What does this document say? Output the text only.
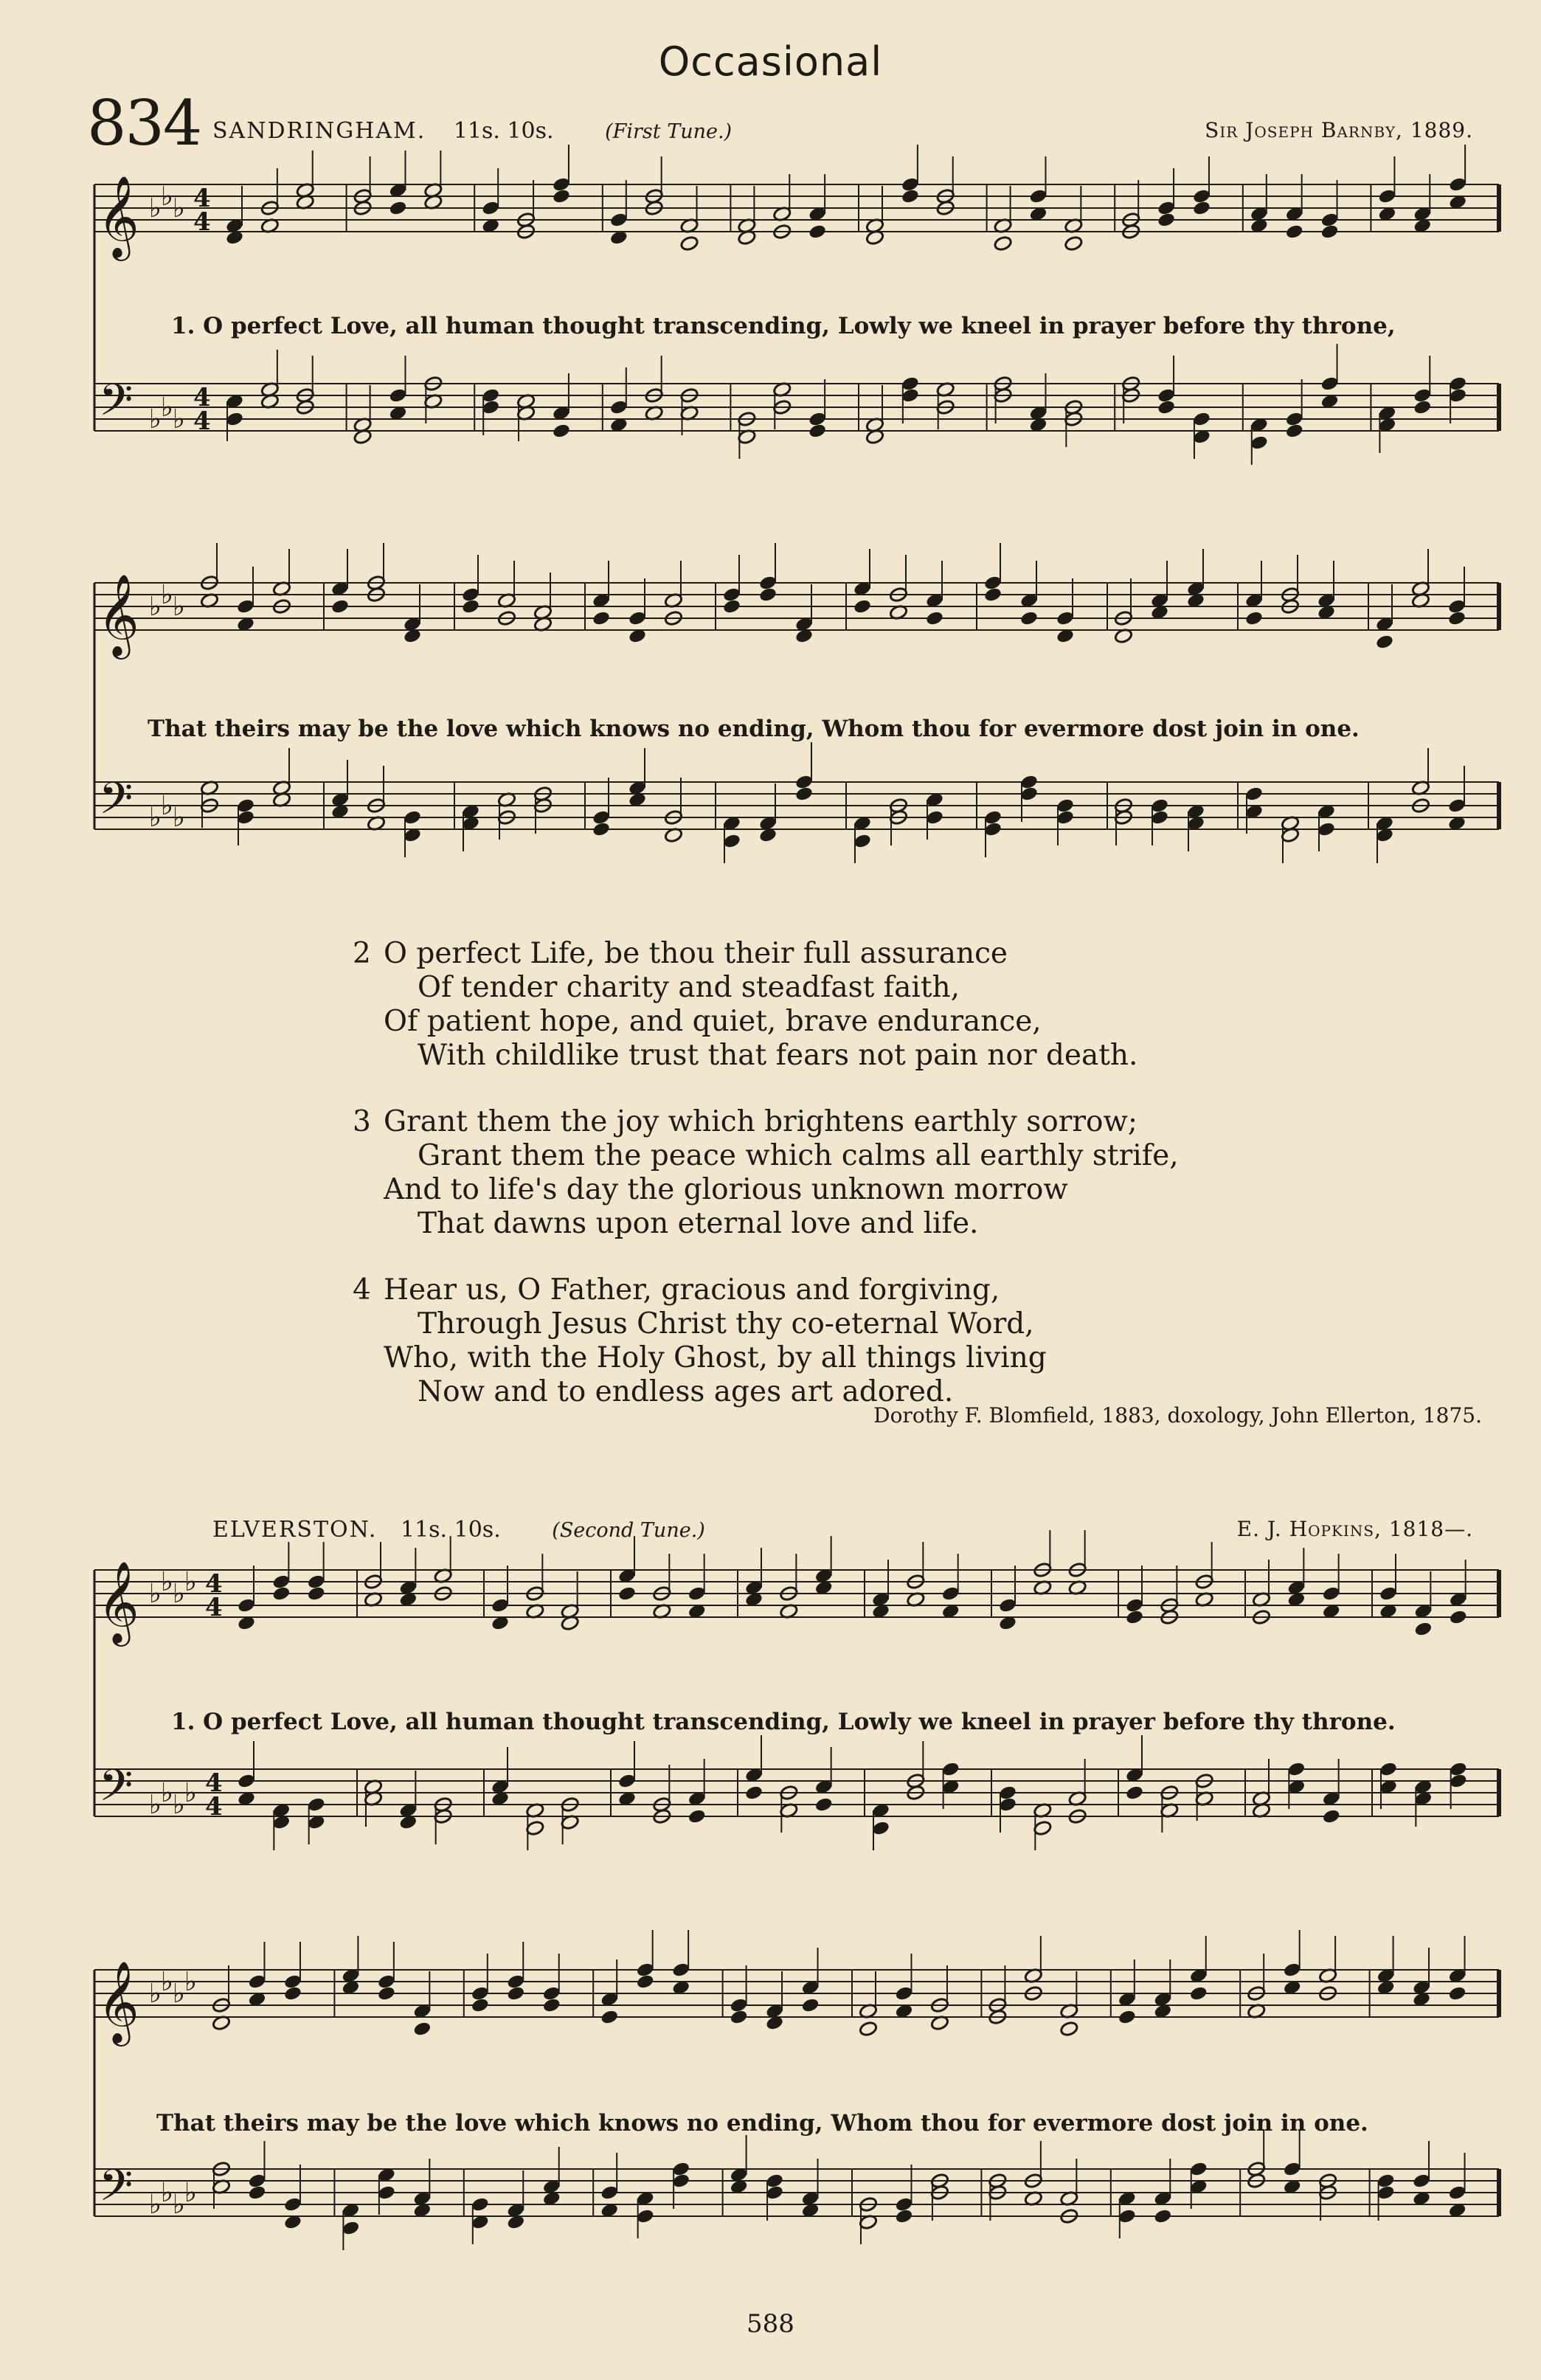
Occasional
834 SANDRINGHAM. 11s. 10s.	(First Tune.)	Sir Joseph Barnby, 1889.
𝄞
𝄢
♭
♭
♭
♭
♭
♭
4
4
4
4
1. O perfect Love, all human thought transcending, Lowly we kneel in prayer before thy throne,
𝄞
𝄢
♭
♭
♭
♭
♭
♭
That theirs may be the love which knows no ending, Whom thou for evermore dost join in one.
2 O perfect Life, be thou their full assurance
Of tender charity and steadfast faith,
Of patient hope, and quiet, brave endurance,
With childlike trust that fears not pain nor death.
3 Grant them the joy which brightens earthly sorrow;
Grant them the peace which calms all earthly strife,
And to life's day the glorious unknown morrow
That dawns upon eternal love and life.
4 Hear us, O Father, gracious and forgiving,
Through Jesus Christ thy co-eternal Word,
Who, with the Holy Ghost, by all things living
Now and to endless ages art adored.
Dorothy F. Blomfield, 1883, doxology, John Ellerton, 1875.
ELVERSTON. 11s. 10s.	(Second Tune.)	E. J. Hopkins, 1818—.
𝄞
𝄢
♭
♭
♭
♭
♭
♭
♭
♭
4
4
4
4
1. O perfect Love, all human thought transcending, Lowly we kneel in prayer before thy throne.
𝄞
𝄢
♭
♭
♭
♭
♭
♭
♭
♭
That theirs may be the love which knows no ending, Whom thou for evermore dost join in one.
588
